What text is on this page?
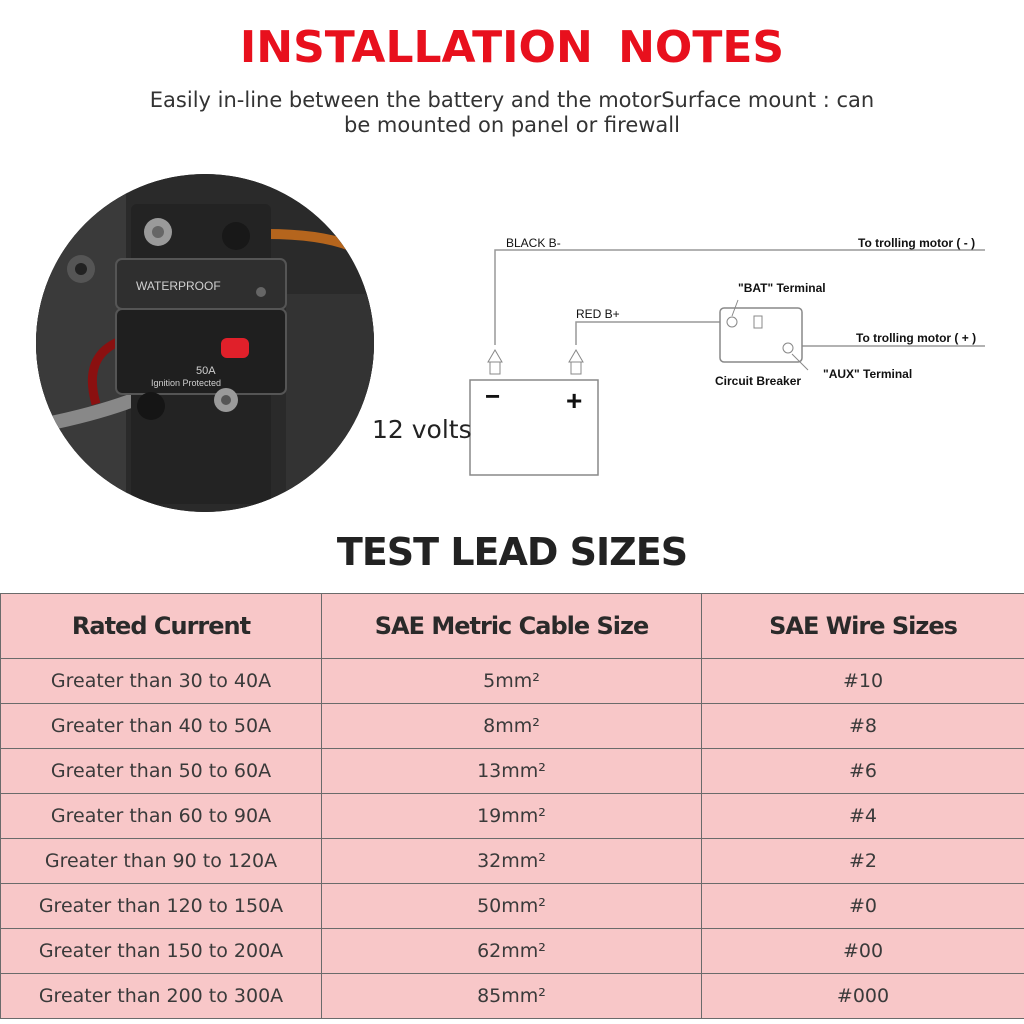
INSTALLATION NOTES
Easily in-line between the battery and the motorSurface mount : can be mounted on panel or firewall
WATERPROOF
50A
Ignition Protected	− +
12 volts
BLACK B-	To trolling motor ( - )
RED B+
"BAT" Terminal
To trolling motor ( + )
"AUX" Terminal
Circuit Breaker
TEST LEAD SIZES
Rated Current	SAE Metric Cable Size	SAE Wire Sizes
Greater than 30 to 40A	5mm²	#10
Greater than 40 to 50A	8mm²	#8
Greater than 50 to 60A	13mm²	#6
Greater than 60 to 90A	19mm²	#4
Greater than 90 to 120A	32mm²	#2
Greater than 120 to 150A	50mm²	#0
Greater than 150 to 200A	62mm²	#00
Greater than 200 to 300A	85mm²	#000
